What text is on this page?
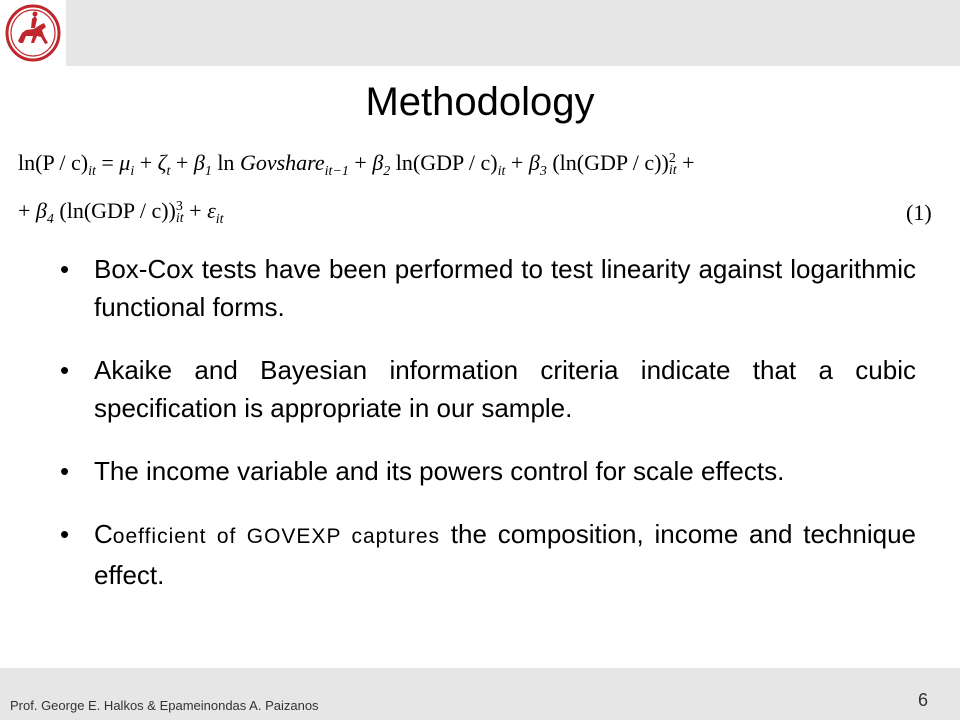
Methodology
$\ln(P / c)_{it} = \mu_i + \zeta_t + \beta_1$ ln Govshare$_{it-1}$ + $\beta_2$ $\ln(GDP / c)_{it} + \beta_3$ (ln(GDP / c)) 2
it +
+ $\beta_4$ (ln(GDP / c)) 3
it + $\varepsilon_{it}$	(1)
• Box-Cox tests have been performed to test linearity against logarithmic functional forms.
• Akaike and Bayesian information criteria indicate that a cubic specification is appropriate in our sample.
• The income variable and its powers control for scale effects.
• Coefficient of GOVEXP captures the composition, income and technique effect.
Prof. George E. Halkos & Epameinondas A. Paizanos	6
